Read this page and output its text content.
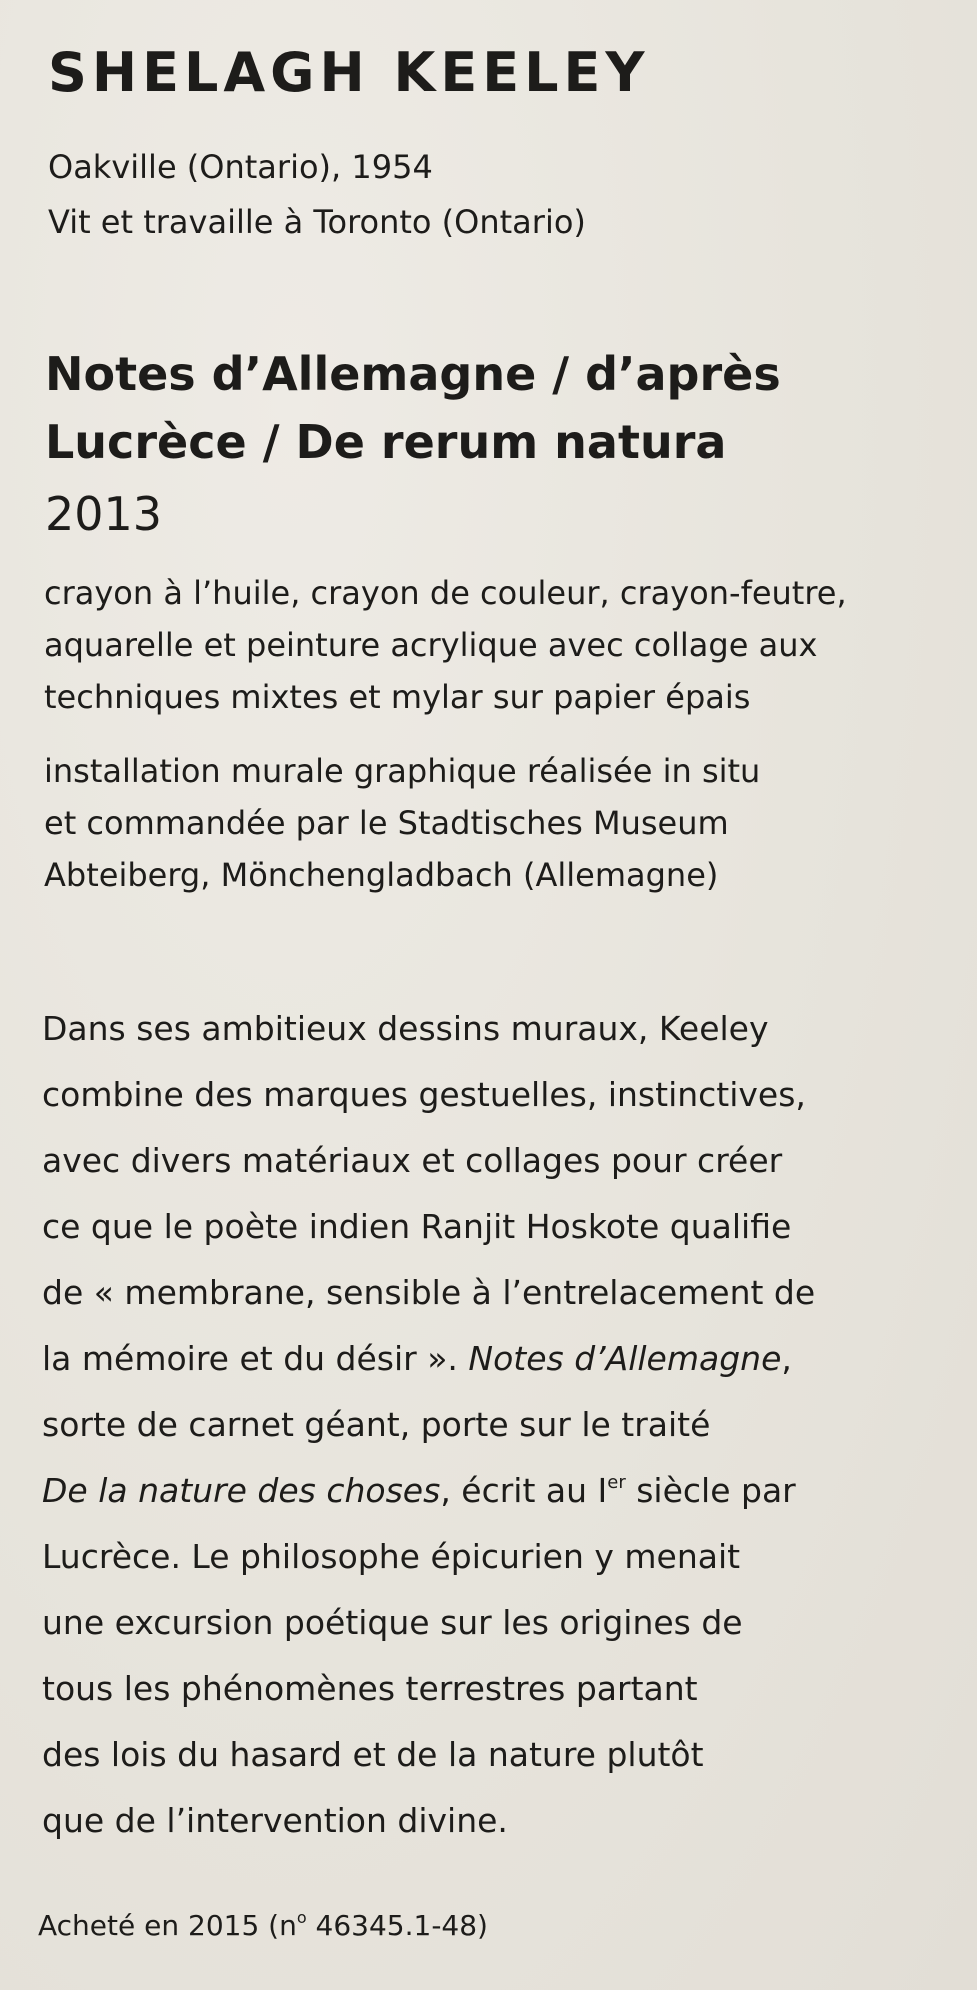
SHELAGH KEELEY
Oakville (Ontario), 1954
Vit et travaille à Toronto (Ontario)
Notes d’Allemagne / d’après
Lucrèce / De rerum natura
2013
crayon à l’huile, crayon de couleur, crayon-feutre,
aquarelle et peinture acrylique avec collage aux
techniques mixtes et mylar sur papier épais
installation murale graphique réalisée in situ
et commandée par le Stadtisches Museum
Abteiberg, Mönchengladbach (Allemagne)
Dans ses ambitieux dessins muraux, Keeley
combine des marques gestuelles, instinctives,
avec divers matériaux et collages pour créer
ce que le poète indien Ranjit Hoskote qualifie
de « membrane, sensible à l’entrelacement de
la mémoire et du désir ». Notes d’Allemagne,
sorte de carnet géant, porte sur le traité
De la nature des choses, écrit au Ier siècle par
Lucrèce. Le philosophe épicurien y menait
une excursion poétique sur les origines de
tous les phénomènes terrestres partant
des lois du hasard et de la nature plutôt
que de l’intervention divine.
Acheté en 2015 ($n^o$ 46345.1-48)
